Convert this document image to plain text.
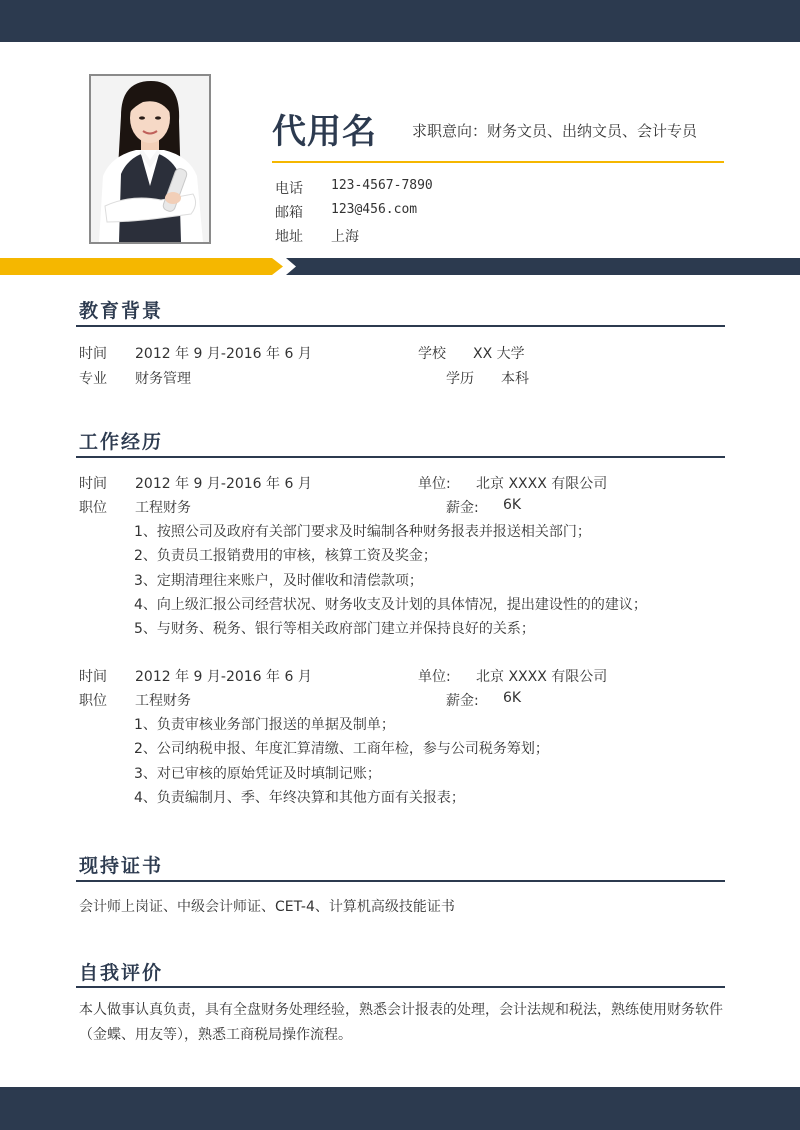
代用名 求职意向：财务文员、出纳文员、会计专员
电话 123-4567-7890
邮箱 123@456.com
地址 上海
教育背景
时间 2012 年 9 月-2016 年 6 月	学校 XX 大学
专业 财务管理	学历 本科
工作经历
时间 2012 年 9 月-2016 年 6 月	单位: 北京 XXXX 有限公司
职位 工程财务	薪金: 6K
1、按照公司及政府有关部门要求及时编制各种财务报表并报送相关部门；
2、负责员工报销费用的审核，核算工资及奖金；
3、定期清理往来账户，及时催收和清偿款项；
4、向上级汇报公司经营状况、财务收支及计划的具体情况，提出建设性的的建议；
5、与财务、税务、银行等相关政府部门建立并保持良好的关系；
时间 2012 年 9 月-2016 年 6 月	单位: 北京 XXXX 有限公司
职位 工程财务	薪金: 6K
1、负责审核业务部门报送的单据及制单；
2、公司纳税申报、年度汇算清缴、工商年检，参与公司税务筹划；
3、对已审核的原始凭证及时填制记账；
4、负责编制月、季、年终决算和其他方面有关报表；
现持证书
会计师上岗证、中级会计师证、CET-4、计算机高级技能证书
自我评价
本人做事认真负责，具有全盘财务处理经验，熟悉会计报表的处理，会计法规和税法，熟练使用财务软件（金蝶、用友等），熟悉工商税局操作流程。
